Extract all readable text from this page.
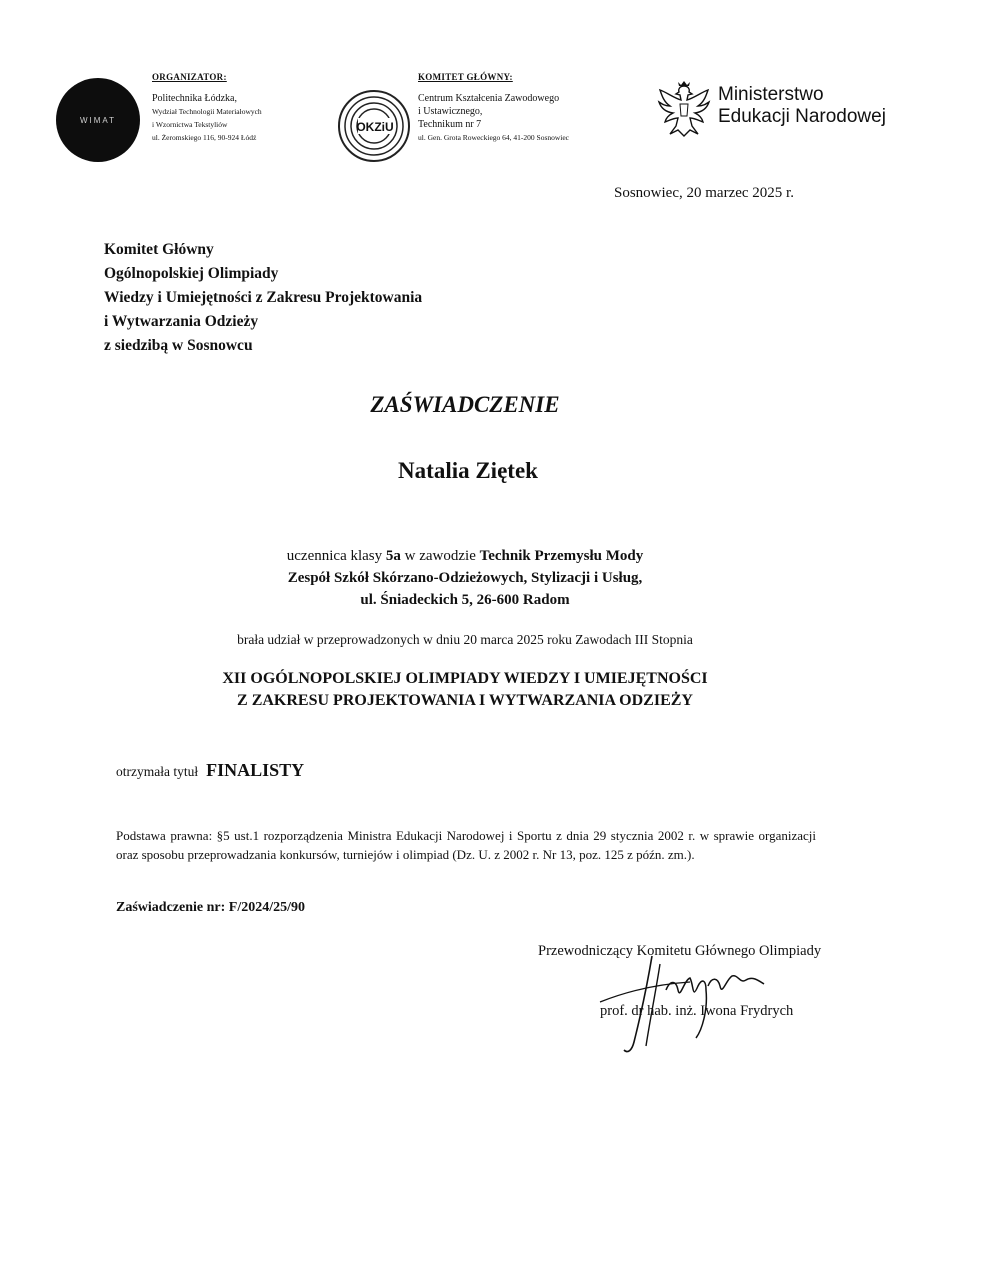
WIMAT
ORGANIZATOR:
Politechnika Łódzka,
Wydział Technologii Materiałowych
i Wzornictwa Tekstyliów
ul. Żeromskiego 116, 90-924 Łódź
OKZiU
KOMITET GŁÓWNY:
Centrum Kształcenia Zawodowego
i Ustawicznego,
Technikum nr 7
ul. Gen. Grota Roweckiego 64, 41-200 Sosnowiec
Ministerstwo
Edukacji Narodowej
Sosnowiec, 20 marzec 2025 r.
Komitet Główny
Ogólnopolskiej Olimpiady
Wiedzy i Umiejętności z Zakresu Projektowania
i Wytwarzania Odzieży
z siedzibą w Sosnowcu
ZAŚWIADCZENIE
Natalia Ziętek
uczennica klasy 5a w zawodzie Technik Przemysłu Mody
Zespół Szkół Skórzano-Odzieżowych, Stylizacji i Usług,
ul. Śniadeckich 5, 26-600 Radom
brała udział w przeprowadzonych w dniu 20 marca 2025 roku Zawodach III Stopnia
XII OGÓLNOPOLSKIEJ OLIMPIADY WIEDZY I UMIEJĘTNOŚCI
Z ZAKRESU PROJEKTOWANIA I WYTWARZANIA ODZIEŻY
otrzymała tytuł FINALISTY
Podstawa prawna: §5 ust.1 rozporządzenia Ministra Edukacji Narodowej i Sportu z dnia 29 stycznia 2002 r. w sprawie organizacji oraz sposobu przeprowadzania konkursów, turniejów i olimpiad (Dz. U. z 2002 r. Nr 13, poz. 125 z późn. zm.).
Zaświadczenie nr: F/2024/25/90
Przewodniczący Komitetu Głównego Olimpiady
prof. dr hab. inż. Iwona Frydrych
